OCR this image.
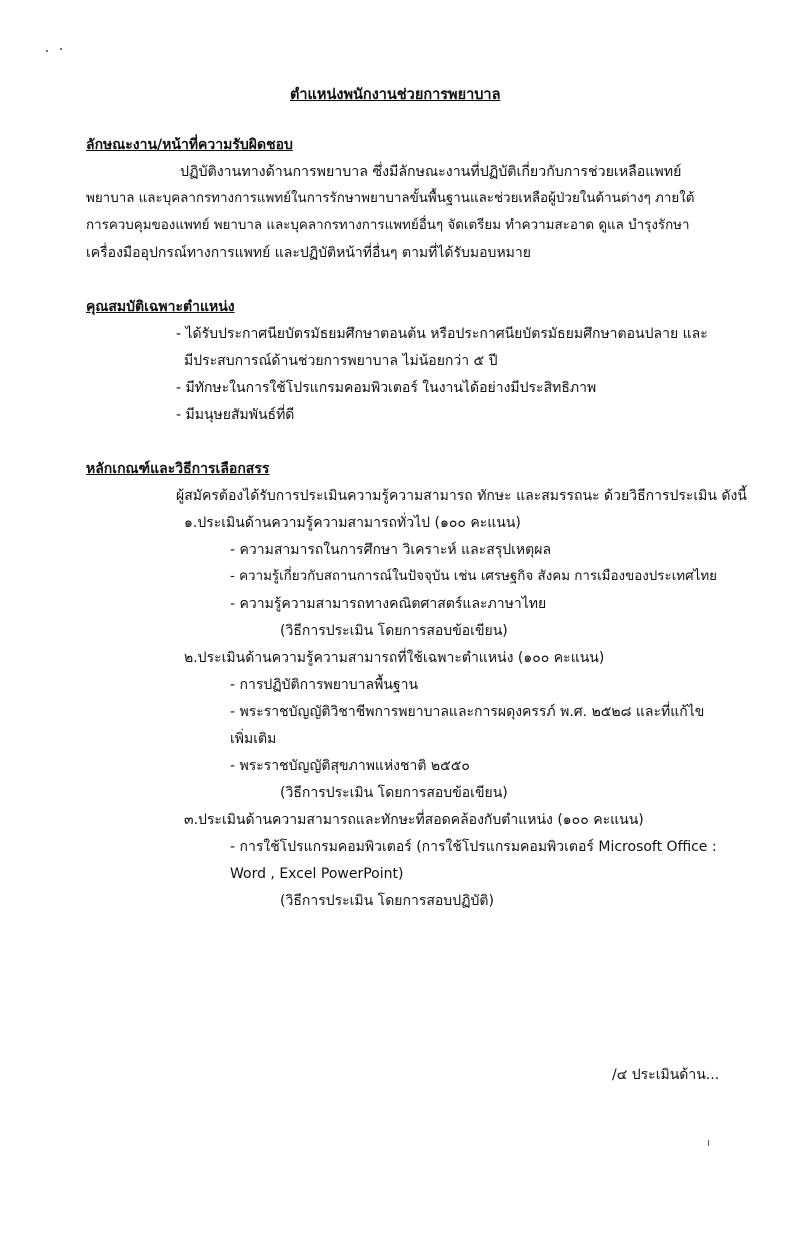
ตำแหน่งพนักงานช่วยการพยาบาล
ลักษณะงาน/หน้าที่ความรับผิดชอบ
ปฏิบัติงานทางด้านการพยาบาล ซึ่งมีลักษณะงานที่ปฏิบัติเกี่ยวกับการช่วยเหลือแพทย์
พยาบาล และบุคลากรทางการแพทย์ในการรักษาพยาบาลขั้นพื้นฐานและช่วยเหลือผู้ป่วยในด้านต่างๆ ภายใต้
การควบคุมของแพทย์ พยาบาล และบุคลากรทางการแพทย์อื่นๆ จัดเตรียม ทำความสะอาด ดูแล บำรุงรักษา
เครื่องมืออุปกรณ์ทางการแพทย์ และปฏิบัติหน้าที่อื่นๆ ตามที่ได้รับมอบหมาย
คุณสมบัติเฉพาะตำแหน่ง
- ได้รับประกาศนียบัตรมัธยมศึกษาตอนต้น หรือประกาศนียบัตรมัธยมศึกษาตอนปลาย และ
มีประสบการณ์ด้านช่วยการพยาบาล ไม่น้อยกว่า ๕ ปี
- มีทักษะในการใช้โปรแกรมคอมพิวเตอร์ ในงานได้อย่างมีประสิทธิภาพ
- มีมนุษยสัมพันธ์ที่ดี
หลักเกณฑ์และวิธีการเลือกสรร
ผู้สมัครต้องได้รับการประเมินความรู้ความสามารถ ทักษะ และสมรรถนะ ด้วยวิธีการประเมิน ดังนี้
๑.ประเมินด้านความรู้ความสามารถทั่วไป (๑๐๐ คะแนน)
- ความสามารถในการศึกษา วิเคราะห์ และสรุปเหตุผล
- ความรู้เกี่ยวกับสถานการณ์ในปัจจุบัน เช่น เศรษฐกิจ สังคม การเมืองของประเทศไทย
- ความรู้ความสามารถทางคณิตศาสตร์และภาษาไทย
(วิธีการประเมิน โดยการสอบข้อเขียน)
๒.ประเมินด้านความรู้ความสามารถที่ใช้เฉพาะตำแหน่ง (๑๐๐ คะแนน)
- การปฏิบัติการพยาบาลพื้นฐาน
- พระราชบัญญัติวิชาชีพการพยาบาลและการผดุงครรภ์ พ.ศ. ๒๕๒๘ และที่แก้ไข
เพิ่มเติม
- พระราชบัญญัติสุขภาพแห่งชาติ ๒๕๕๐
(วิธีการประเมิน โดยการสอบข้อเขียน)
๓.ประเมินด้านความสามารถและทักษะที่สอดคล้องกับตำแหน่ง (๑๐๐ คะแนน)
- การใช้โปรแกรมคอมพิวเตอร์ (การใช้โปรแกรมคอมพิวเตอร์ Microsoft Office :
Word , Excel PowerPoint)
(วิธีการประเมิน โดยการสอบปฏิบัติ)
/๔ ประเมินด้าน...
